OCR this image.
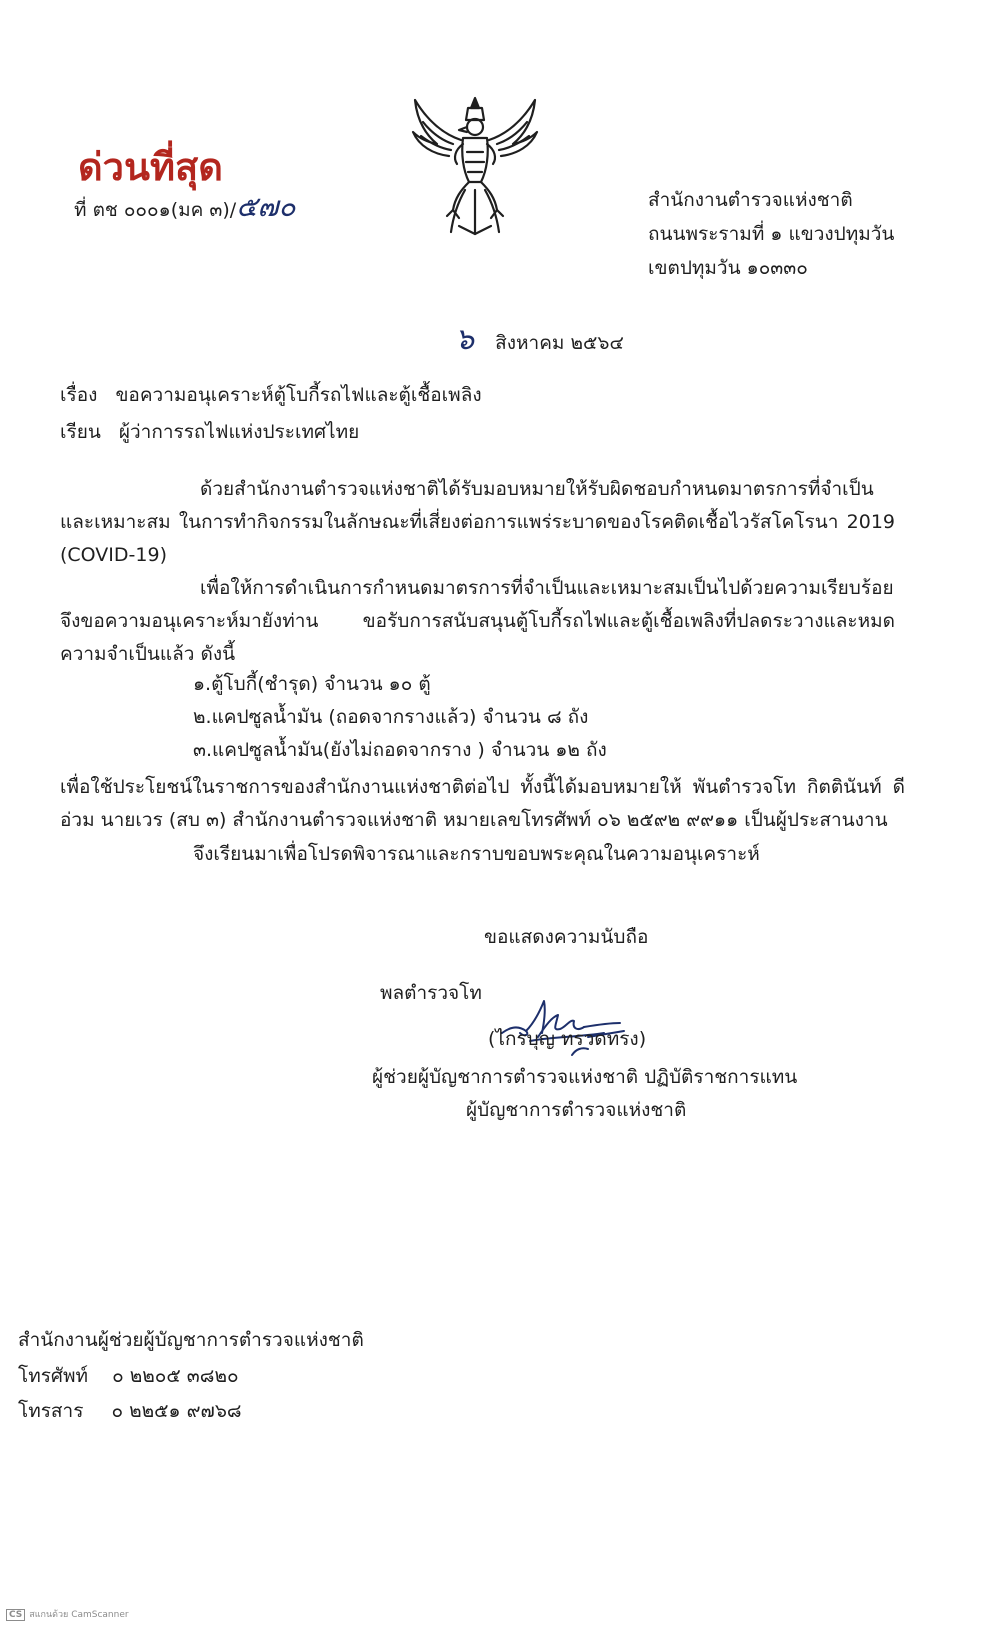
ด่วนที่สุด
ที่ ตช ๐๐๐๑(มค ๓)/๕๗๐	สำนักงานตำรวจแห่งชาติ
ถนนพระรามที่ ๑ แขวงปทุมวัน
เขตปทุมวัน ๑๐๓๓๐
๖ สิงหาคม ๒๕๖๔
เรื่อง ขอความอนุเคราะห์ตู้โบกี้รถไฟและตู้เชื้อเพลิง
เรียน ผู้ว่าการรถไฟแห่งประเทศไทย
ด้วยสำนักงานตำรวจแห่งชาติได้รับมอบหมายให้รับผิดชอบกำหนดมาตรการที่จำเป็นและเหมาะสม ในการทำกิจกรรมในลักษณะที่เสี่ยงต่อการแพร่ระบาดของโรคติดเชื้อไวรัสโคโรนา 2019 (COVID-19)
เพื่อให้การดำเนินการกำหนดมาตรการที่จำเป็นและเหมาะสมเป็นไปด้วยความเรียบร้อย จึงขอความอนุเคราะห์มายังท่าน ขอรับการสนับสนุนตู้โบกี้รถไฟและตู้เชื้อเพลิงที่ปลดระวางและหมดความจำเป็นแล้ว ดังนี้
๑.ตู้โบกี้(ชำรุด) จำนวน ๑๐ ตู้
๒.แคปซูลน้ำมัน (ถอดจากรางแล้ว) จำนวน ๘ ถัง
๓.แคปซูลน้ำมัน(ยังไม่ถอดจากราง ) จำนวน ๑๒ ถัง
เพื่อใช้ประโยชน์ในราชการของสำนักงานแห่งชาติต่อไป ทั้งนี้ได้มอบหมายให้ พันตำรวจโท กิตตินันท์ ดีอ่วม นายเวร (สบ ๓) สำนักงานตำรวจแห่งชาติ หมายเลขโทรศัพท์ ๐๖ ๒๕๙๒ ๙๙๑๑ เป็นผู้ประสานงาน
จึงเรียนมาเพื่อโปรดพิจารณาและกราบขอบพระคุณในความอนุเคราะห์
ขอแสดงความนับถือ
พลตำรวจโท
(ไกรบุญ ทรวดทรง)
ผู้ช่วยผู้บัญชาการตำรวจแห่งชาติ ปฏิบัติราชการแทน
ผู้บัญชาการตำรวจแห่งชาติ
สำนักงานผู้ช่วยผู้บัญชาการตำรวจแห่งชาติ
โทรศัพท์ ๐ ๒๒๐๕ ๓๘๒๐
โทรสาร ๐ ๒๒๕๑ ๙๗๖๘
CS สแกนด้วย CamScanner
